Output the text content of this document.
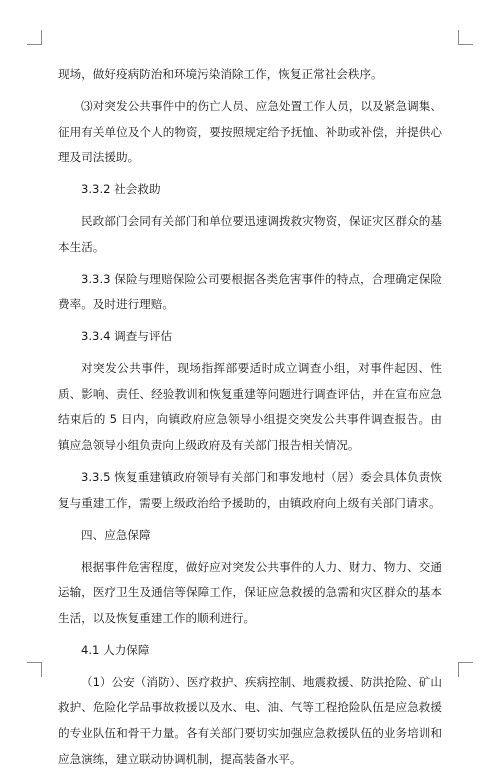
现场，做好疫病防治和环境污染消除工作，恢复正常社会秩序。

⑶对突发公共事件中的伤亡人员、应急处置工作人员，以及紧急调集、征用有关单位及个人的物资，要按照规定给予抚恤、补助或补偿，并提供心理及司法援助。

3.3.2 社会救助

民政部门会同有关部门和单位要迅速调拨救灾物资，保证灾区群众的基本生活。

3.3.3 保险与理赔保险公司要根据各类危害事件的特点，合理确定保险费率。及时进行理赔。

3.3.4 调查与评估

对突发公共事件，现场指挥部要适时成立调查小组，对事件起因、性质、影响、责任、经验教训和恢复重建等问题进行调查评估，并在宣布应急结束后的 5 日内，向镇政府应急领导小组提交突发公共事件调查报告。由镇应急领导小组负责向上级政府及有关部门报告相关情况。

3.3.5 恢复重建镇政府领导有关部门和事发地村（居）委会具体负责恢复与重建工作，需要上级政治给予援助的，由镇政府向上级有关部门请求。

四、应急保障

根据事件危害程度，做好应对突发公共事件的人力、财力、物力、交通运输，医疗卫生及通信等保障工作，保证应急救援的急需和灾区群众的基本生活，以及恢复重建工作的顺利进行。

4.1 人力保障

（1）公安（消防）、医疗救护、疾病控制、地震救援、防洪抢险、矿山救护、危险化学品事故救援以及水、电、油、气等工程抢险队伍是应急救援的专业队伍和骨干力量。各有关部门要切实加强应急救援队伍的业务培训和应急演练，建立联动协调机制，提高装备水平。
